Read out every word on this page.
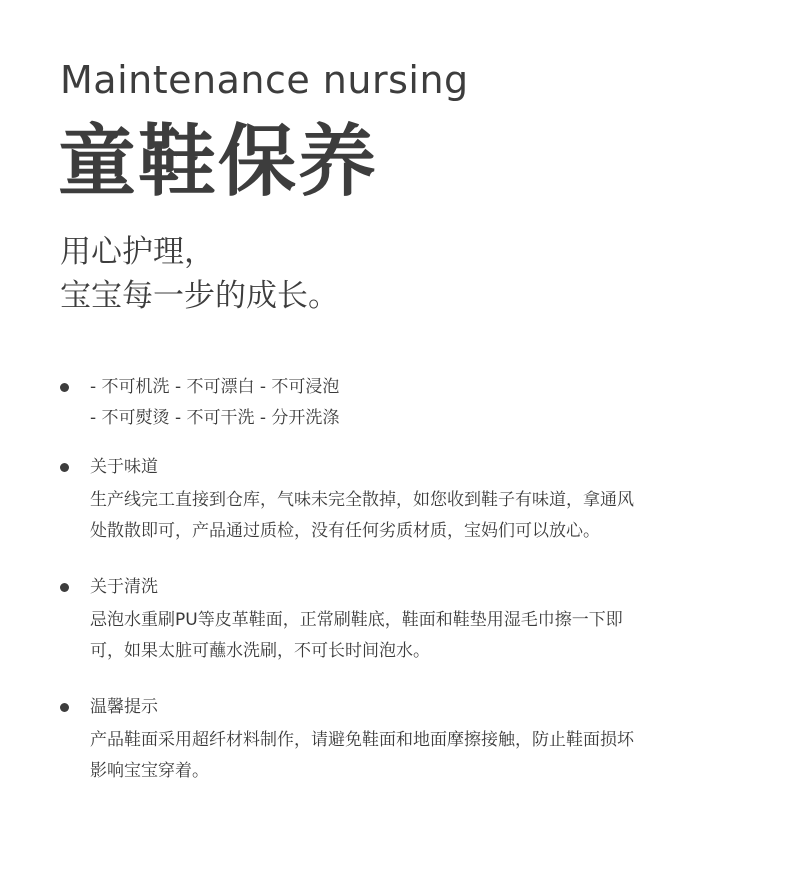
Maintenance nursing
童鞋保养
用心护理，
宝宝每一步的成长。
- 不可机洗 - 不可漂白 - 不可浸泡
- 不可熨烫 - 不可干洗 - 分开洗涤
关于味道
生产线完工直接到仓库，气味未完全散掉，如您收到鞋子有味道，拿通风
处散散即可，产品通过质检，没有任何劣质材质，宝妈们可以放心。
关于清洗
忌泡水重刷PU等皮革鞋面，正常刷鞋底，鞋面和鞋垫用湿毛巾擦一下即
可，如果太脏可蘸水洗刷，不可长时间泡水。
温馨提示
产品鞋面采用超纤材料制作，请避免鞋面和地面摩擦接触，防止鞋面损坏
影响宝宝穿着。
